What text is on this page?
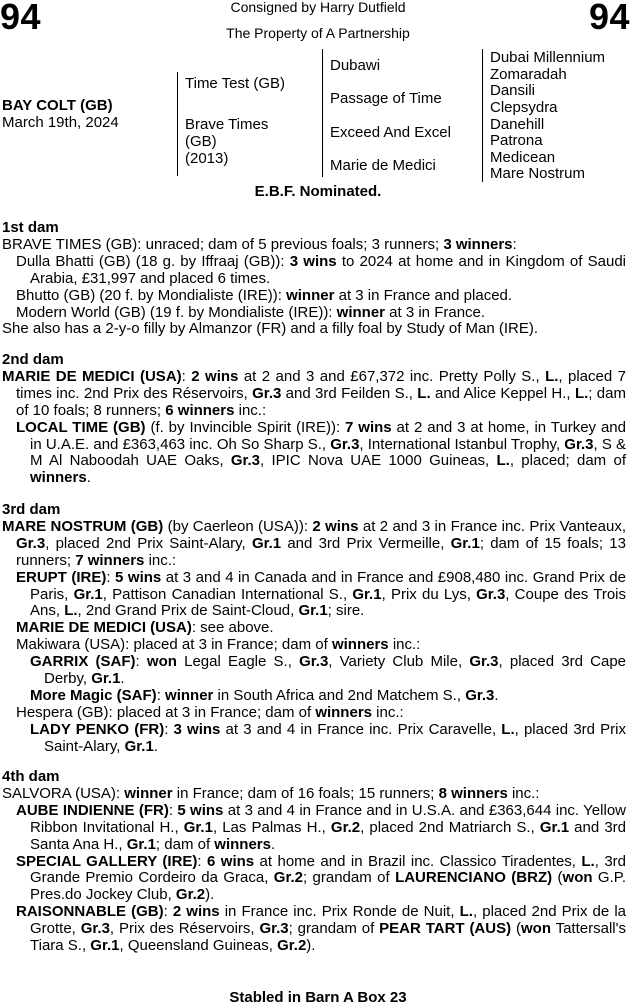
94	94
Consigned by Harry Dutfield
The Property of A Partnership
BAY COLT (GB)
March 19th, 2024
Time Test (GB)
Brave Times
(GB)
(2013)
Dubawi
Passage of Time
Exceed And Excel
Marie de Medici
Dubai Millennium
Zomaradah
Dansili
Clepsydra
Danehill
Patrona
Medicean
Mare Nostrum
E.B.F. Nominated.

1st dam

BRAVE TIMES (GB): unraced; dam of 5 previous foals; 3 runners; 3 winners:

Dulla Bhatti (GB) (18 g. by Iffraaj (GB)): 3 wins to 2024 at home and in Kingdom of Saudi Arabia, £31,997 and placed 6 times.

Bhutto (GB) (20 f. by Mondialiste (IRE)): winner at 3 in France and placed.

Modern World (GB) (19 f. by Mondialiste (IRE)): winner at 3 in France.

She also has a 2-y-o filly by Almanzor (FR) and a filly foal by Study of Man (IRE).

2nd dam

MARIE DE MEDICI (USA): 2 wins at 2 and 3 and £67,372 inc. Pretty Polly S., L., placed 7 times inc. 2nd Prix des Réservoirs, Gr.3 and 3rd Feilden S., L. and Alice Keppel H., L.; dam of 10 foals; 8 runners; 6 winners inc.:

LOCAL TIME (GB) (f. by Invincible Spirit (IRE)): 7 wins at 2 and 3 at home, in Turkey and in U.A.E. and £363,463 inc. Oh So Sharp S., Gr.3, International Istanbul Trophy, Gr.3, S & M Al Naboodah UAE Oaks, Gr.3, IPIC Nova UAE 1000 Guineas, L., placed; dam of winners.

3rd dam

MARE NOSTRUM (GB) (by Caerleon (USA)): 2 wins at 2 and 3 in France inc. Prix Vanteaux, Gr.3, placed 2nd Prix Saint-Alary, Gr.1 and 3rd Prix Vermeille, Gr.1; dam of 15 foals; 13 runners; 7 winners inc.:

ERUPT (IRE): 5 wins at 3 and 4 in Canada and in France and £908,480 inc. Grand Prix de Paris, Gr.1, Pattison Canadian International S., Gr.1, Prix du Lys, Gr.3, Coupe des Trois Ans, L., 2nd Grand Prix de Saint-Cloud, Gr.1; sire.

MARIE DE MEDICI (USA): see above.

Makiwara (USA): placed at 3 in France; dam of winners inc.:

GARRIX (SAF): won Legal Eagle S., Gr.3, Variety Club Mile, Gr.3, placed 3rd Cape Derby, Gr.1.

More Magic (SAF): winner in South Africa and 2nd Matchem S., Gr.3.

Hespera (GB): placed at 3 in France; dam of winners inc.:

LADY PENKO (FR): 3 wins at 3 and 4 in France inc. Prix Caravelle, L., placed 3rd Prix Saint-Alary, Gr.1.

4th dam

SALVORA (USA): winner in France; dam of 16 foals; 15 runners; 8 winners inc.:

AUBE INDIENNE (FR): 5 wins at 3 and 4 in France and in U.S.A. and £363,644 inc. Yellow Ribbon Invitational H., Gr.1, Las Palmas H., Gr.2, placed 2nd Matriarch S., Gr.1 and 3rd Santa Ana H., Gr.1; dam of winners.

SPECIAL GALLERY (IRE): 6 wins at home and in Brazil inc. Classico Tiradentes, L., 3rd Grande Premio Cordeiro da Graca, Gr.2; grandam of LAURENCIANO (BRZ) (won G.P. Pres.do Jockey Club, Gr.2).

RAISONNABLE (GB): 2 wins in France inc. Prix Ronde de Nuit, L., placed 2nd Prix de la Grotte, Gr.3, Prix des Réservoirs, Gr.3; grandam of PEAR TART (AUS) (won Tattersall's Tiara S., Gr.1, Queensland Guineas, Gr.2).

Stabled in Barn A Box 23
